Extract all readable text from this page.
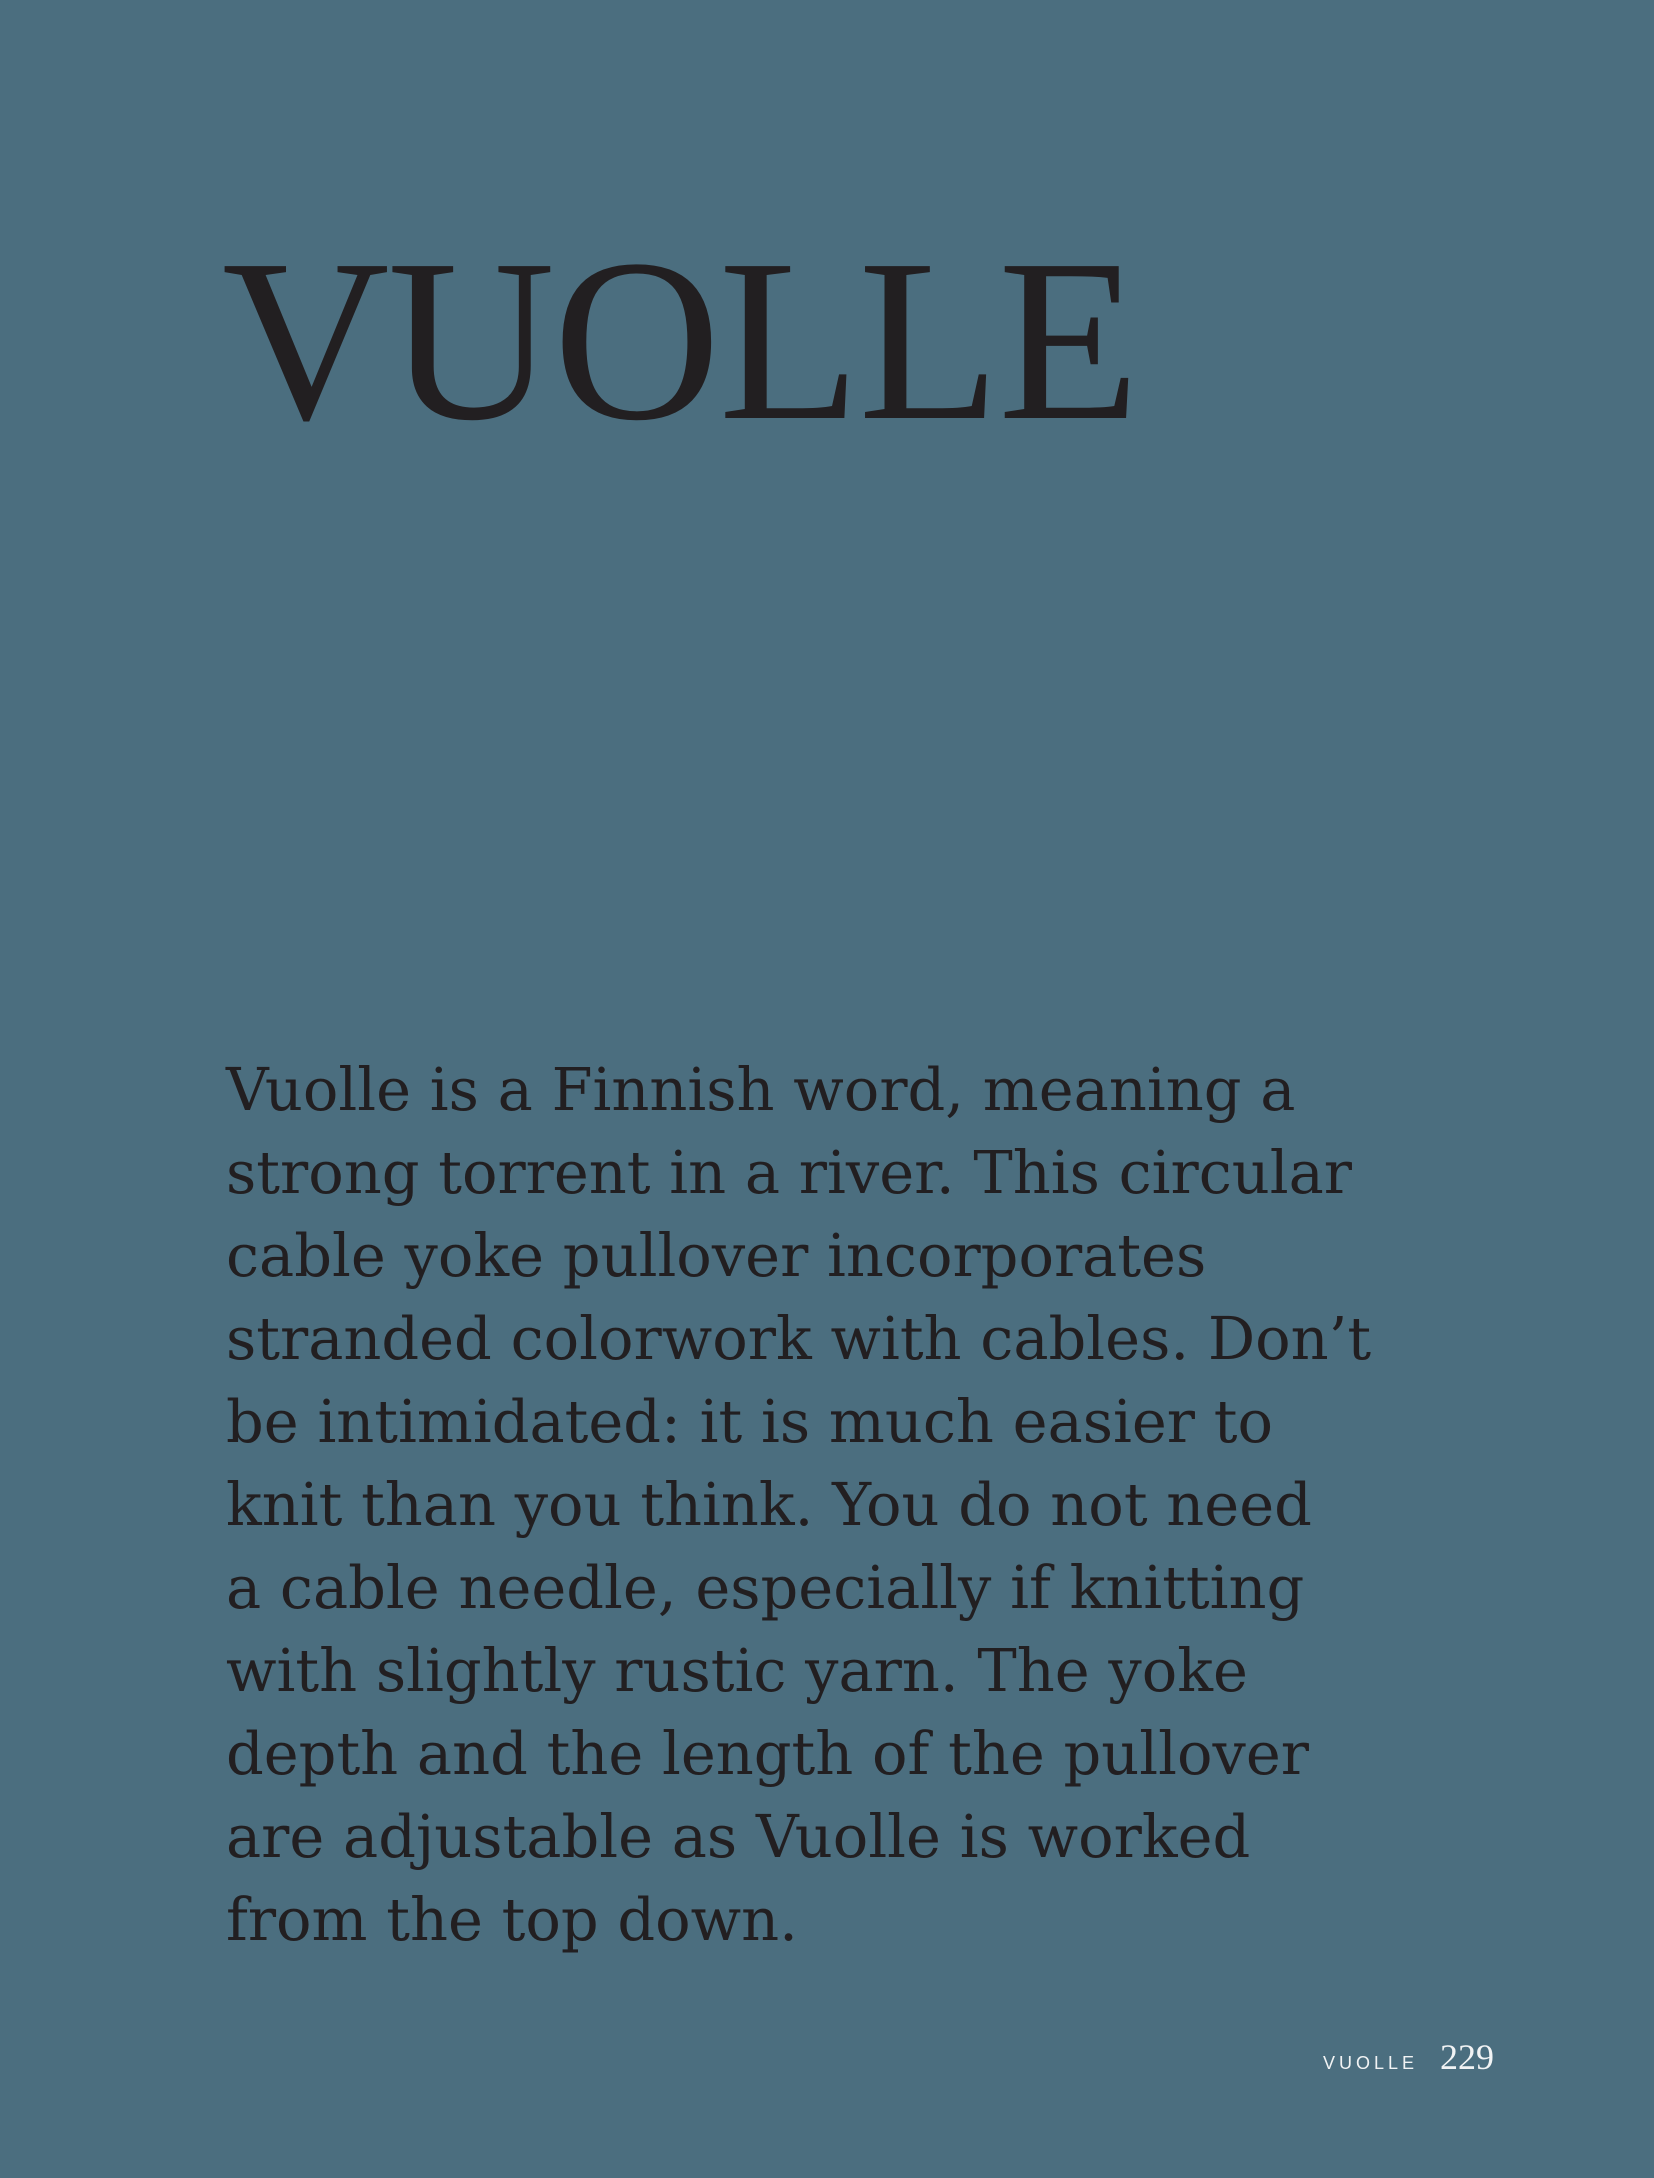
VUOLLE

Vuolle is a Finnish word, meaning a
strong torrent in a river. This circular
cable yoke pullover incorporates
stranded colorwork with cables. Don’t
be intimidated: it is much easier to
knit than you think. You do not need
a cable needle, especially if knitting
with slightly rustic yarn. The yoke
depth and the length of the pullover
are adjustable as Vuolle is worked
from the top down.

VUOLLE 229
